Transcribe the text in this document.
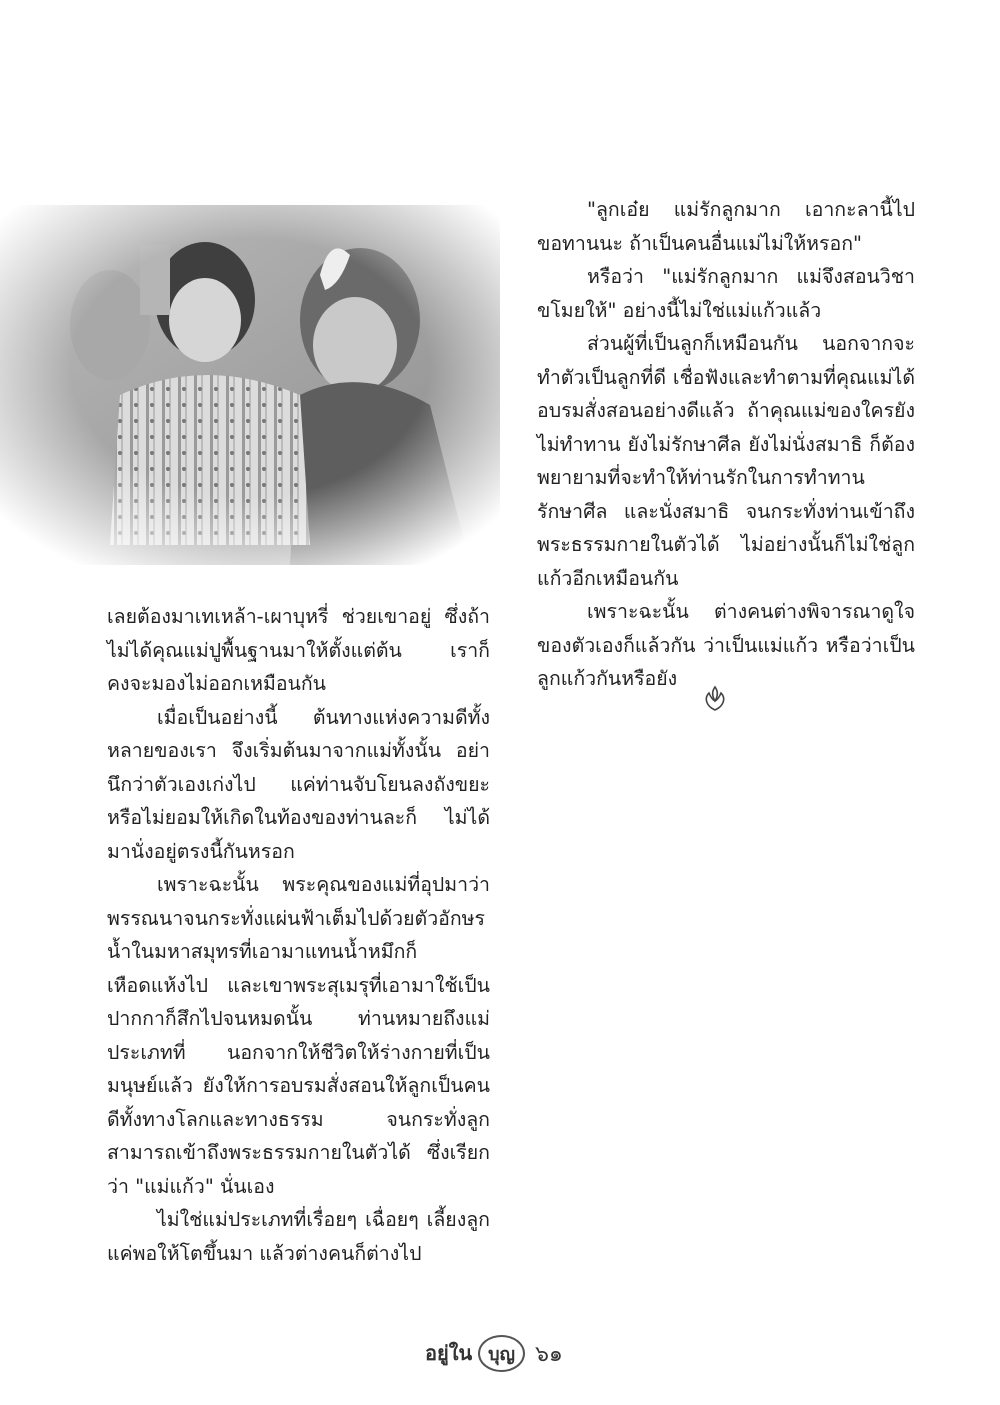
เลยต้องมาเทเหล้า-เผาบุหรี่ ช่วยเขาอยู่ ซึ่งถ้าไม่ได้คุณแม่ปูพื้นฐานมาให้ตั้งแต่ต้น เราก็คงจะมองไม่ออกเหมือนกัน

เมื่อเป็นอย่างนี้ ต้นทางแห่งความดีทั้งหลายของเรา จึงเริ่มต้นมาจากแม่ทั้งนั้น อย่านึกว่าตัวเองเก่งไป แค่ท่านจับโยนลงถังขยะ หรือไม่ยอมให้เกิดในท้องของท่านละก็ ไม่ได้มานั่งอยู่ตรงนี้กันหรอก

เพราะฉะนั้น พระคุณของแม่ที่อุปมาว่าพรรณนาจนกระทั่งแผ่นฟ้าเต็มไปด้วยตัวอักษร น้ำในมหาสมุทรที่เอามาแทนน้ำหมึกก็เหือดแห้งไป และเขาพระสุเมรุที่เอามาใช้เป็นปากกาก็สึกไปจนหมดนั้น ท่านหมายถึงแม่ประเภทที่ นอกจากให้ชีวิตให้ร่างกายที่เป็นมนุษย์แล้ว ยังให้การอบรมสั่งสอนให้ลูกเป็นคนดีทั้งทางโลกและทางธรรม จนกระทั่งลูกสามารถเข้าถึงพระธรรมกายในตัวได้ ซึ่งเรียกว่า "แม่แก้ว" นั่นเอง

ไม่ใช่แม่ประเภทที่เรื่อยๆ เฉื่อยๆ เลี้ยงลูกแค่พอให้โตขึ้นมา แล้วต่างคนก็ต่างไป

"ลูกเอ๋ย แม่รักลูกมาก เอากะลานี้ไปขอทานนะ ถ้าเป็นคนอื่นแม่ไม่ให้หรอก"

หรือว่า "แม่รักลูกมาก แม่จึงสอนวิชาขโมยให้" อย่างนี้ไม่ใช่แม่แก้วแล้ว

ส่วนผู้ที่เป็นลูกก็เหมือนกัน นอกจากจะทำตัวเป็นลูกที่ดี เชื่อฟังและทำตามที่คุณแม่ได้อบรมสั่งสอนอย่างดีแล้ว ถ้าคุณแม่ของใครยังไม่ทำทาน ยังไม่รักษาศีล ยังไม่นั่งสมาธิ ก็ต้องพยายามที่จะทำให้ท่านรักในการทำทาน รักษาศีล และนั่งสมาธิ จนกระทั่งท่านเข้าถึงพระธรรมกายในตัวได้ ไม่อย่างนั้นก็ไม่ใช่ลูกแก้วอีกเหมือนกัน

เพราะฉะนั้น ต่างคนต่างพิจารณาดูใจของตัวเองก็แล้วกัน ว่าเป็นแม่แก้ว หรือว่าเป็นลูกแก้วกันหรือยัง

อยู่ใน บุญ ๖๑
